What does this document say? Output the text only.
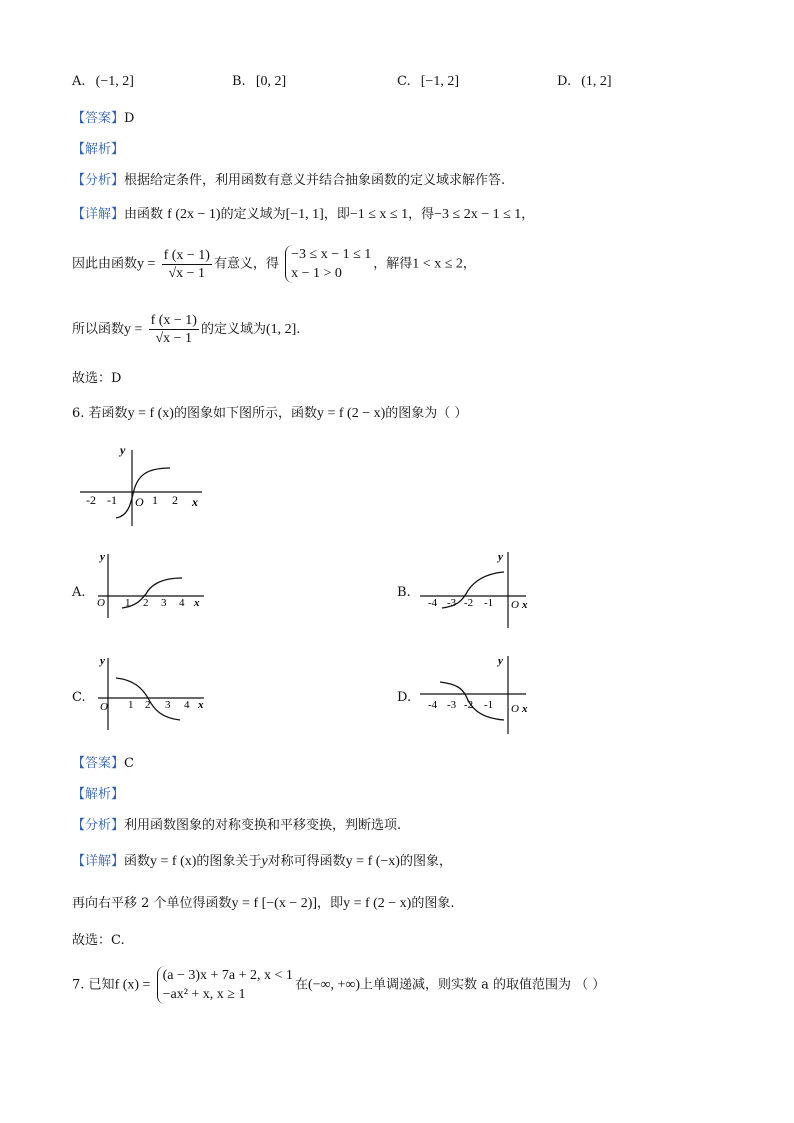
A. (−1, 2]	B. [0, 2]	C. [−1, 2]	D. (1, 2]
【答案】D
【解析】
【分析】根据给定条件，利用函数有意义并结合抽象函数的定义域求解作答.
【详解】由函数 f (2x − 1)的定义域为[−1, 1]，即−1 ≤ x ≤ 1，得−3 ≤ 2x − 1 ≤ 1，
因此由函数$y = \frac{f (x - 1)}{√x - 1}$ 有意义，得
−3 ≤ x − 1 ≤ 1
x − 1 > 0
，解得1 < x ≤ 2，
所以函数$y = \frac{f (x - 1)}{√x - 1}$ 的定义域为(1, 2].
故选：D
6. 若函数y = f (x)的图象如下图所示，函数y = f (2 − x)的图象为（ ）
y
-2 -1 O 1 2 x
A.
y
O 1 2 3 4 x
B.
y
-4 -3 -2 -1 O x
C.
y
O 1 2 3 4 x	D.
y
-4 -3 -2 -1 O x
【答案】C
【解析】
【分析】利用函数图象的对称变换和平移变换，判断选项.
【详解】函数y = f (x)的图象关于y对称可得函数y = f (−x)的图象，
再向右平移 2 个单位得函数y = f [−(x − 2)]，即y = f (2 − x)的图象.
故选：C.
7. 已知f (x) =
(a − 3)x + 7a + 2, x < 1
−ax² + x, x ≥ 1
在(−∞, +∞)上单调递减，则实数 a 的取值范围为 （ ）
